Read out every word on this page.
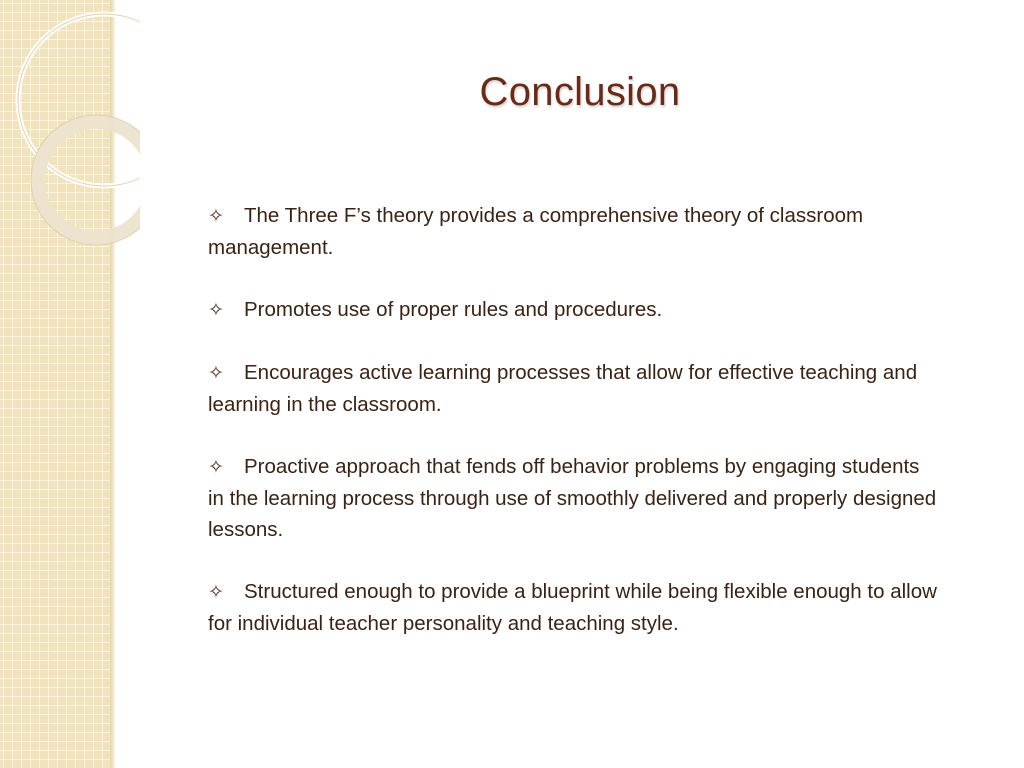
Conclusion
✧ The Three F’s theory provides a comprehensive theory of classroom management.
✧ Promotes use of proper rules and procedures.
✧ Encourages active learning processes that allow for effective teaching and learning in the classroom.
✧ Proactive approach that fends off behavior problems by engaging students in the learning process through use of smoothly delivered and properly designed lessons.
✧ Structured enough to provide a blueprint while being flexible enough to allow for individual teacher personality and teaching style.
